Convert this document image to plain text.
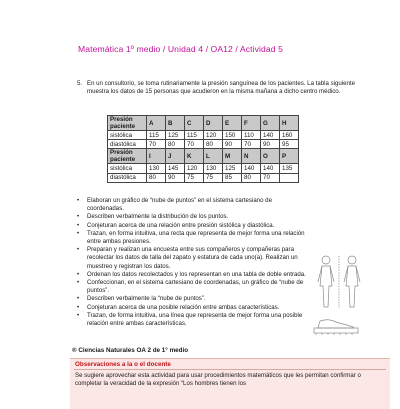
Matemática 1º medio / Unidad 4 / OA12 / Actividad 5
5. En un consultorio, se toma rutinariamente la presión sanguínea de los pacientes. La tabla siguiente muestra los datos de 15 personas que acudieron en la misma mañana a dicho centro médico.
Presión paciente	A	B	C	D	E	F	G	H
sistólica	115	125	115	120	150	110	140	160
diastólica	70	80	70	80	90	70	90	95
Presión paciente	I	J	K	L	M	N	O	P
sistólica	130	145	120	130	125	140	140	135
diastólica	80	90	75	75	85	80	70	
• Elaboran un gráfico de “nube de puntos” en el sistema cartesiano de coordenadas.
• Describen verbalmente la distribución de los puntos.
• Conjeturan acerca de una relación entre presión sistólica y diastólica.
• Trazan, en forma intuitiva, una recta que representa de mejor forma una relación entre ambas presiones.
• Preparan y realizan una encuesta entre sus compañeros y compañeras para recolectar los datos de talla del zapato y estatura de cada uno(a). Realizan un muestreo y registran los datos.
• Ordenan los datos recolectados y los representan en una tabla de doble entrada.
• Confeccionan, en el sistema cartesiano de coordenadas, un gráfico de “nube de puntos”.
• Describen verbalmente la “nube de puntos”.
• Conjeturan acerca de una posible relación entre ambas características.
• Trazan, de forma intuitiva, una línea que representa de mejor forma una posible relación entre ambas características.
® Ciencias Naturales OA 2 de 1° medio
Observaciones a la o el docente
Se sugiere aprovechar esta actividad para usar procedimientos matemáticos que les permitan confirmar o completar la veracidad de la expresión “Los hombres tienen los
